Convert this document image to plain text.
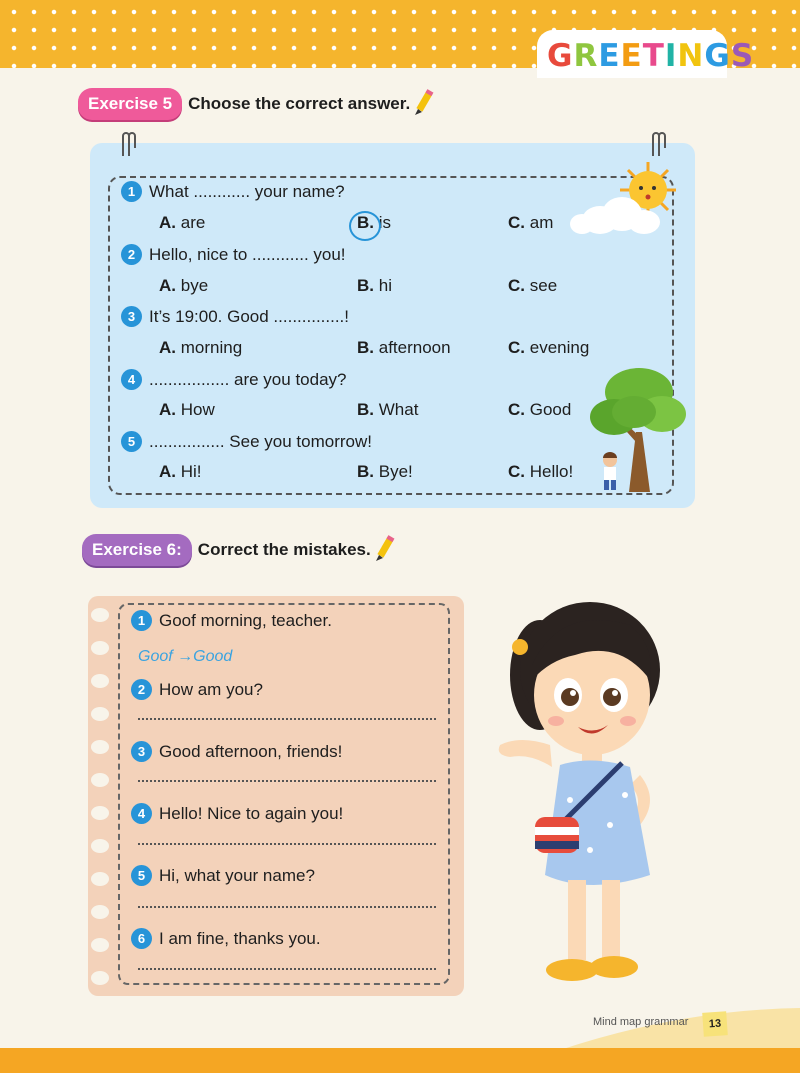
GREETINGS
Exercise 5 Choose the correct answer.
1 What ............ your name?
A. are	B. is	C. am
2 Hello, nice to ............ you!
A. bye	B. hi	C. see
3 It’s 19:00. Good ...............!
A. morning	B. afternoon	C. evening
4 ................. are you today?
A. How	B. What	C. Good
5 ................ See you tomorrow!
A. Hi!	B. Bye!	C. Hello!
Exercise 6: Correct the mistakes.
1 Goof morning, teacher.
Goof →Good
2 How am you?
3 Good afternoon, friends!
4 Hello! Nice to again you!
5 Hi, what your name?
6 I am fine, thanks you.
Mind map grammar	13
